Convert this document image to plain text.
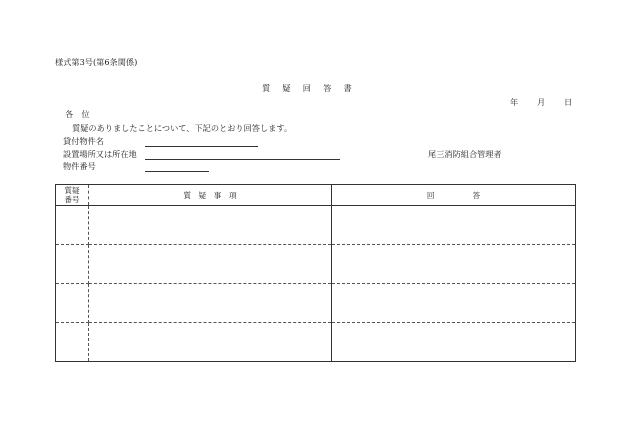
様式第3号(第6条関係)
質　疑　回　答　書
年 月 日
各　位
質疑のありましたことについて、下記のとおり回答します。
貸付物件名
設置場所又は所在地	尾三消防組合管理者
物件番号
質疑番号	質　疑　事　項	回　　　　　答
